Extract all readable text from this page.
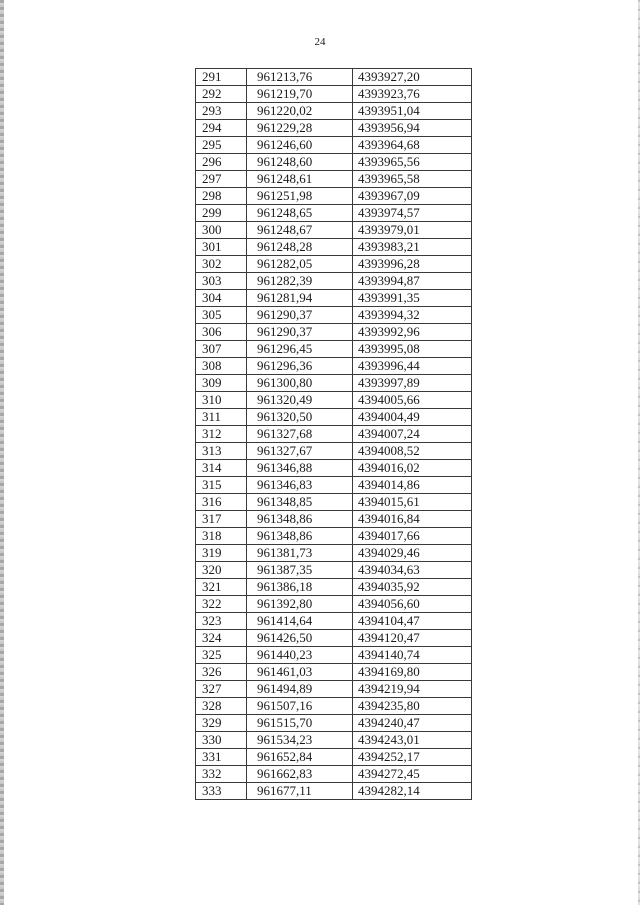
24
291	961213,76	4393927,20
292	961219,70	4393923,76
293	961220,02	4393951,04
294	961229,28	4393956,94
295	961246,60	4393964,68
296	961248,60	4393965,56
297	961248,61	4393965,58
298	961251,98	4393967,09
299	961248,65	4393974,57
300	961248,67	4393979,01
301	961248,28	4393983,21
302	961282,05	4393996,28
303	961282,39	4393994,87
304	961281,94	4393991,35
305	961290,37	4393994,32
306	961290,37	4393992,96
307	961296,45	4393995,08
308	961296,36	4393996,44
309	961300,80	4393997,89
310	961320,49	4394005,66
311	961320,50	4394004,49
312	961327,68	4394007,24
313	961327,67	4394008,52
314	961346,88	4394016,02
315	961346,83	4394014,86
316	961348,85	4394015,61
317	961348,86	4394016,84
318	961348,86	4394017,66
319	961381,73	4394029,46
320	961387,35	4394034,63
321	961386,18	4394035,92
322	961392,80	4394056,60
323	961414,64	4394104,47
324	961426,50	4394120,47
325	961440,23	4394140,74
326	961461,03	4394169,80
327	961494,89	4394219,94
328	961507,16	4394235,80
329	961515,70	4394240,47
330	961534,23	4394243,01
331	961652,84	4394252,17
332	961662,83	4394272,45
333	961677,11	4394282,14
